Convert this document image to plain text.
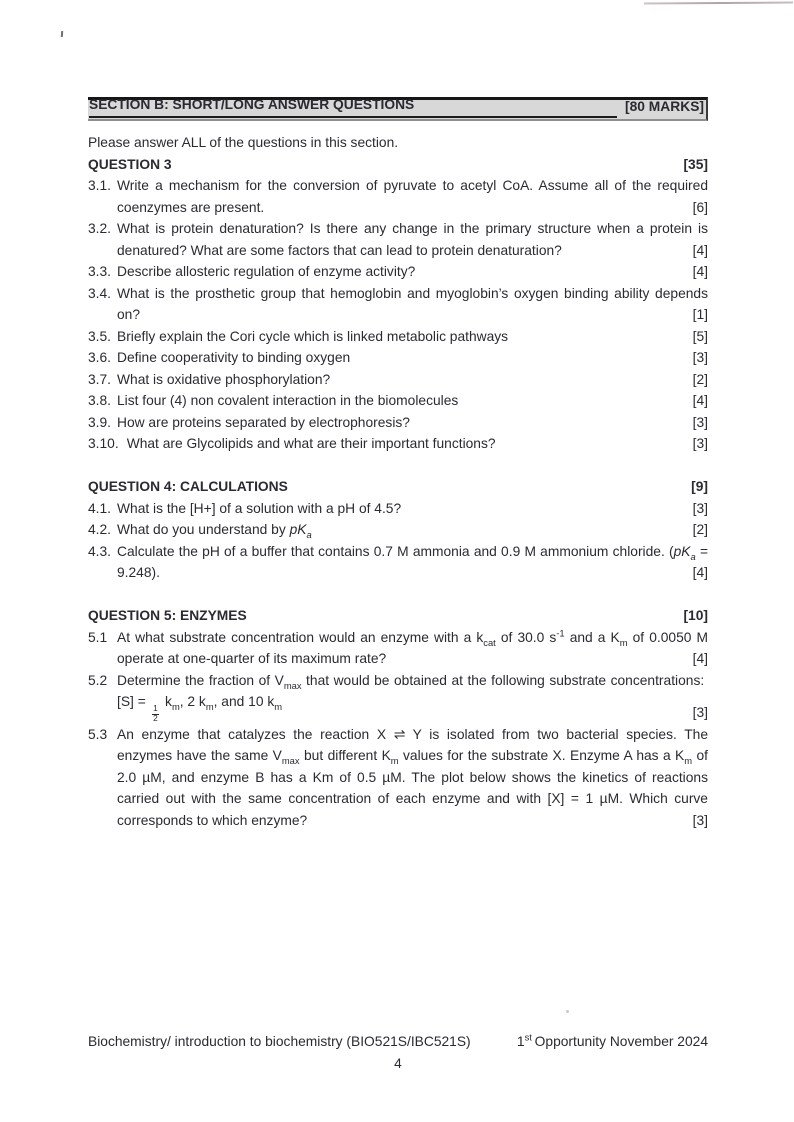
SECTION B: SHORT/LONG ANSWER QUESTIONS	[80 MARKS]
Please answer ALL of the questions in this section.
QUESTION 3	[35]
3.1. Write a mechanism for the conversion of pyruvate to acetyl CoA. Assume all of the required coenzymes are present.	[6]
3.2. What is protein denaturation? Is there any change in the primary structure when a protein is denatured? What are some factors that can lead to protein denaturation?	[4]
3.3. Describe allosteric regulation of enzyme activity?	[4]
3.4. What is the prosthetic group that hemoglobin and myoglobin’s oxygen binding ability depends on?	[1]
3.5. Briefly explain the Cori cycle which is linked metabolic pathways	[5]
3.6. Define cooperativity to binding oxygen	[3]
3.7. What is oxidative phosphorylation?	[2]
3.8. List four (4) non covalent interaction in the biomolecules	[4]
3.9. How are proteins separated by electrophoresis?	[3]
3.10. What are Glycolipids and what are their important functions?	[3]
QUESTION 4: CALCULATIONS	[9]
4.1. What is the [H+] of a solution with a pH of 4.5?	[3]
4.2. What do you understand by $pK_a$	[2]
4.3. Calculate the pH of a buffer that contains 0.7 M ammonia and 0.9 M ammonium chloride. $(pK_a = 9.248)$.	[4]
QUESTION 5: ENZYMES	[10]
5.1 At what substrate concentration would an enzyme with a $k_{cat}$ of 30.0 $s^{-1}$ and a $K_m$ of 0.0050 M operate at one-quarter of its maximum rate?	[4]
5.2 Determine the fraction of $V_{max}$ that would be obtained at the following substrate concentrations:  [S] =
$\frac{1}{2}$
$k_m$, 2 $k_m$, and 10 $k_m$	[3]
5.3 An enzyme that catalyzes the reaction X ⇌ Y is isolated from two bacterial species. The enzymes have the same $V_{max}$ but different $K_m$ values for the substrate X. Enzyme A has a $K_m$ of 2.0 µM, and enzyme B has a Km of 0.5 µM. The plot below shows the kinetics of reactions carried out with the same concentration of each enzyme and with [X] = 1 µM. Which curve corresponds to which enzyme?	[3]
Biochemistry/ introduction to biochemistry (BIO521S/IBC521S)	1st Opportunity November 2024
4
